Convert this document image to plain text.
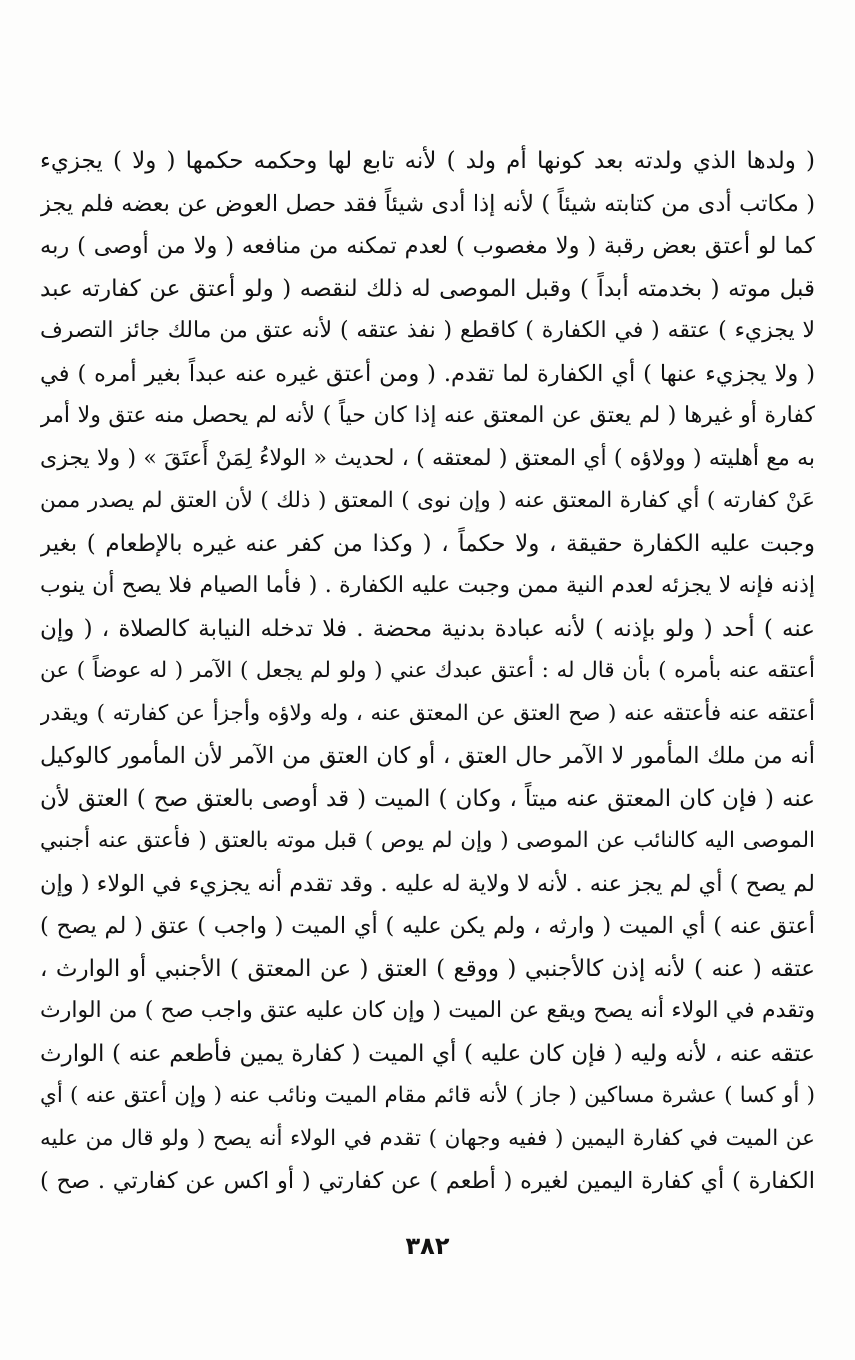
( ولدها الذي ولدته بعد كونها أم ولد ) لأنه تابع لها وحكمه حكمها ( ولا ) يجزيء
( مكاتب أدى من كتابته شيئاً ) لأنه إذا أدى شيئاً فقد حصل العوض عن بعضه فلم يجز
كما لو أعتق بعض رقبة ( ولا مغصوب ) لعدم تمكنه من منافعه ( ولا من أوصى ) ربه
قبل موته ( بخدمته أبداً ) وقبل الموصى له ذلك لنقصه ( ولو أعتق عن كفارته عبد
لا يجزيء ) عتقه ( في الكفارة ) كاقطع ( نفذ عتقه ) لأنه عتق من مالك جائز التصرف
( ولا يجزيء عنها ) أي الكفارة لما تقدم. ( ومن أعتق غيره عنه عبداً بغير أمره ) في
كفارة أو غيرها ( لم يعتق عن المعتق عنه إذا كان حياً ) لأنه لم يحصل منه عتق ولا أمر
به مع أهليته ( وولاؤه ) أي المعتق ( لمعتقه ) ، لحديث « الولاءُ لِمَنْ أَعتَقَ » ( ولا يجزى
عَنْ كفارته ) أي كفارة المعتق عنه ( وإن نوى ) المعتق ( ذلك ) لأن العتق لم يصدر ممن
وجبت عليه الكفارة حقيقة ، ولا حكماً ، ( وكذا من كفر عنه غيره بالإطعام ) بغير
إذنه فإنه لا يجزئه لعدم النية ممن وجبت عليه الكفارة . ( فأما الصيام فلا يصح أن ينوب
عنه ) أحد ( ولو بإذنه ) لأنه عبادة بدنية محضة . فلا تدخله النيابة كالصلاة ، ( وإن
أعتقه عنه بأمره ) بأن قال له : أعتق عبدك عني ( ولو لم يجعل ) الآمر ( له عوضاً ) عن
أعتقه عنه فأعتقه عنه ( صح العتق عن المعتق عنه ، وله ولاؤه وأجزأ عن كفارته ) ويقدر
أنه من ملك المأمور لا الآمر حال العتق ، أو كان العتق من الآمر لأن المأمور كالوكيل
عنه ( فإن كان المعتق عنه ميتاً ، وكان ) الميت ( قد أوصى بالعتق صح ) العتق لأن
الموصى اليه كالنائب عن الموصى ( وإن لم يوص ) قبل موته بالعتق ( فأعتق عنه أجنبي
لم يصح ) أي لم يجز عنه . لأنه لا ولاية له عليه . وقد تقدم أنه يجزيء في الولاء ( وإن
أعتق عنه ) أي الميت ( وارثه ، ولم يكن عليه ) أي الميت ( واجب ) عتق ( لم يصح )
عتقه ( عنه ) لأنه إذن كالأجنبي ( ووقع ) العتق ( عن المعتق ) الأجنبي أو الوارث ،
وتقدم في الولاء أنه يصح ويقع عن الميت ( وإن كان عليه عتق واجب صح ) من الوارث
عتقه عنه ، لأنه وليه ( فإن كان عليه ) أي الميت ( كفارة يمين فأطعم عنه ) الوارث
( أو كسا ) عشرة مساكين ( جاز ) لأنه قائم مقام الميت ونائب عنه ( وإن أعتق عنه ) أي
عن الميت في كفارة اليمين ( ففيه وجهان ) تقدم في الولاء أنه يصح ( ولو قال من عليه
الكفارة ) أي كفارة اليمين لغيره ( أطعم ) عن كفارتي ( أو اكس عن كفارتي . صح )
٣٨٢
